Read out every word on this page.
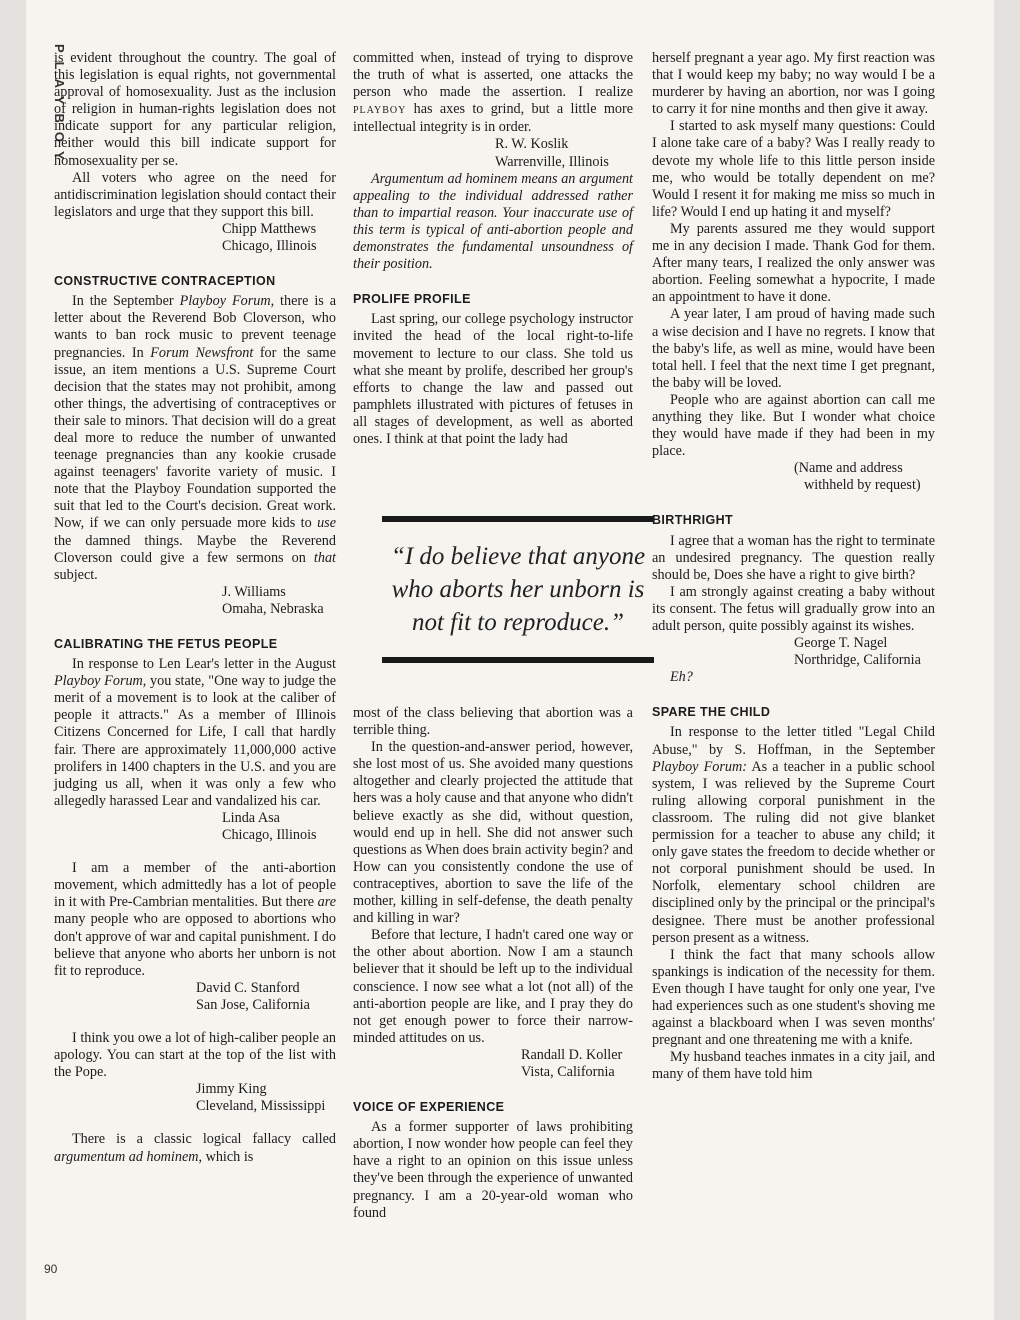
PLAYBOY
90

is evident throughout the country. The goal of this legislation is equal rights, not governmental approval of homosexuality. Just as the inclusion of religion in human-rights legislation does not indicate support for any particular religion, neither would this bill indicate support for homosexuality per se.

All voters who agree on the need for antidiscrimination legislation should contact their legislators and urge that they support this bill.

Chipp Matthews
Chicago, Illinois
CONSTRUCTIVE CONTRACEPTION

In the September Playboy Forum, there is a letter about the Reverend Bob Cloverson, who wants to ban rock music to prevent teenage pregnancies. In Forum Newsfront for the same issue, an item mentions a U.S. Supreme Court decision that the states may not prohibit, among other things, the advertising of contraceptives or their sale to minors. That decision will do a great deal more to reduce the number of unwanted teenage pregnancies than any kookie crusade against teenagers' favorite variety of music. I note that the Playboy Foundation supported the suit that led to the Court's decision. Great work. Now, if we can only persuade more kids to use the damned things. Maybe the Reverend Cloverson could give a few sermons on that subject.

J. Williams
Omaha, Nebraska
CALIBRATING THE FETUS PEOPLE

In response to Len Lear's letter in the August Playboy Forum, you state, "One way to judge the merit of a movement is to look at the caliber of people it attracts." As a member of Illinois Citizens Concerned for Life, I call that hardly fair. There are approximately 11,000,000 active prolifers in 1400 chapters in the U.S. and you are judging us all, when it was only a few who allegedly harassed Lear and vandalized his car.

Linda Asa
Chicago, Illinois

I am a member of the anti-abortion movement, which admittedly has a lot of people in it with Pre-Cambrian mentalities. But there are many people who are opposed to abortions who don't approve of war and capital punishment. I do believe that anyone who aborts her unborn is not fit to reproduce.

David C. Stanford
San Jose, California

I think you owe a lot of high-caliber people an apology. You can start at the top of the list with the Pope.

Jimmy King
Cleveland, Mississippi

There is a classic logical fallacy called argumentum ad hominem, which is

committed when, instead of trying to disprove the truth of what is asserted, one attacks the person who made the assertion. I realize PLAYBOY has axes to grind, but a little more intellectual integrity is in order.

R. W. Koslik
Warrenville, Illinois

Argumentum ad hominem means an argument appealing to the individual addressed rather than to impartial reason. Your inaccurate use of this term is typical of anti-abortion people and demonstrates the fundamental unsoundness of their position.

PROLIFE PROFILE

Last spring, our college psychology instructor invited the head of the local right-to-life movement to lecture to our class. She told us what she meant by prolife, described her group's efforts to change the law and passed out pamphlets illustrated with pictures of fetuses in all stages of development, as well as aborted ones. I think at that point the lady had

“I do believe that anyone who aborts her unborn is not fit to reproduce.”

most of the class believing that abortion was a terrible thing.

In the question-and-answer period, however, she lost most of us. She avoided many questions altogether and clearly projected the attitude that hers was a holy cause and that anyone who didn't believe exactly as she did, without question, would end up in hell. She did not answer such questions as When does brain activity begin? and How can you consistently condone the use of contraceptives, abortion to save the life of the mother, killing in self-defense, the death penalty and killing in war?

Before that lecture, I hadn't cared one way or the other about abortion. Now I am a staunch believer that it should be left up to the individual conscience. I now see what a lot (not all) of the anti-abortion people are like, and I pray they do not get enough power to force their narrow-minded attitudes on us.

Randall D. Koller
Vista, California
VOICE OF EXPERIENCE

As a former supporter of laws prohibiting abortion, I now wonder how people can feel they have a right to an opinion on this issue unless they've been through the experience of unwanted pregnancy. I am a 20-year-old woman who found

herself pregnant a year ago. My first reaction was that I would keep my baby; no way would I be a murderer by having an abortion, nor was I going to carry it for nine months and then give it away.

I started to ask myself many questions: Could I alone take care of a baby? Was I really ready to devote my whole life to this little person inside me, who would be totally dependent on me? Would I resent it for making me miss so much in life? Would I end up hating it and myself?

My parents assured me they would support me in any decision I made. Thank God for them. After many tears, I realized the only answer was abortion. Feeling somewhat a hypocrite, I made an appointment to have it done.

A year later, I am proud of having made such a wise decision and I have no regrets. I know that the baby's life, as well as mine, would have been total hell. I feel that the next time I get pregnant, the baby will be loved.

People who are against abortion can call me anything they like. But I wonder what choice they would have made if they had been in my place.

(Name and address
withheld by request)
BIRTHRIGHT

I agree that a woman has the right to terminate an undesired pregnancy. The question really should be, Does she have a right to give birth?

I am strongly against creating a baby without its consent. The fetus will gradually grow into an adult person, quite possibly against its wishes.

George T. Nagel
Northridge, California
Eh?
SPARE THE CHILD

In response to the letter titled "Legal Child Abuse," by S. Hoffman, in the September Playboy Forum: As a teacher in a public school system, I was relieved by the Supreme Court ruling allowing corporal punishment in the classroom. The ruling did not give blanket permission for a teacher to abuse any child; it only gave states the freedom to decide whether or not corporal punishment should be used. In Norfolk, elementary school children are disciplined only by the principal or the principal's designee. There must be another professional person present as a witness.

I think the fact that many schools allow spankings is indication of the necessity for them. Even though I have taught for only one year, I've had experiences such as one student's shoving me against a blackboard when I was seven months' pregnant and one threatening me with a knife.

My husband teaches inmates in a city jail, and many of them have told him
